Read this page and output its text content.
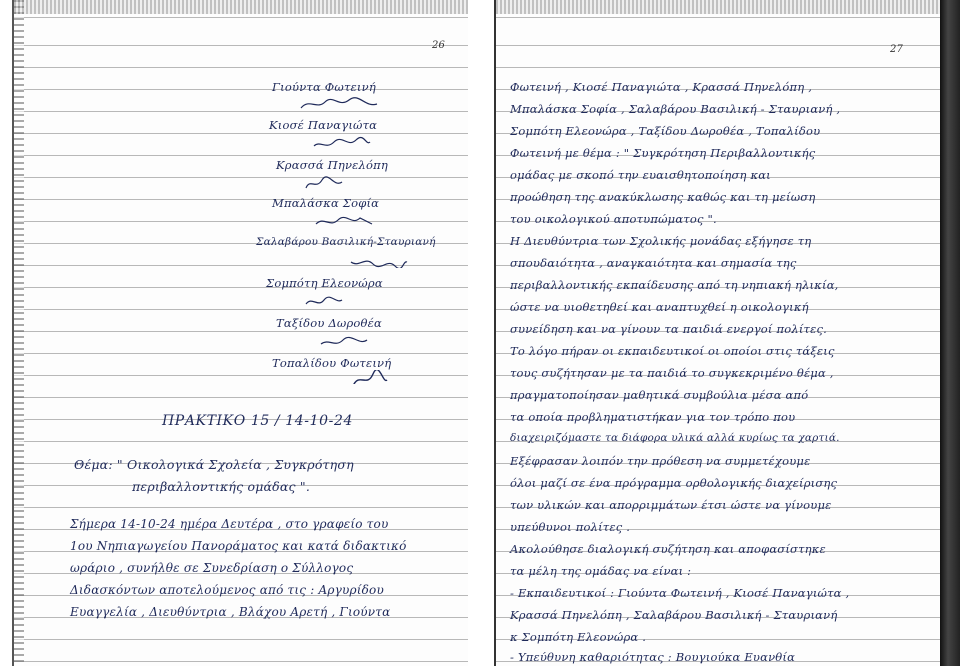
26
Γιούντα Φωτεινή
Κιοσέ Παναγιώτα
Κρασσά Πηνελόπη
Μπαλάσκα Σοφία
Σαλαβάρου Βασιλική-Σταυριανή
Σομπότη Ελεονώρα
Ταξίδου Δωροθέα
Τοπαλίδου Φωτεινή
ΠΡΑΚΤΙΚΟ 15 / 14-10-24
Θέμα: " Οικολογικά Σχολεία , Συγκρότηση
περιβαλλοντικής ομάδας ".
Σήμερα 14-10-24 ημέρα Δευτέρα , στο γραφείο του
1ου Νηπιαγωγείου Πανοράματος και κατά διδακτικό
ωράριο , συνήλθε σε Συνεδρίαση ο Σύλλογος
Διδασκόντων αποτελούμενος από τις : Αργυρίδου
Ευαγγελία , Διευθύντρια , Βλάχου Αρετή , Γιούντα
27
Φωτεινή , Κιοσέ Παναγιώτα , Κρασσά Πηνελόπη ,
Μπαλάσκα Σοφία , Σαλαβάρου Βασιλική - Σταυριανή ,
Σομπότη Ελεονώρα , Ταξίδου Δωροθέα , Τοπαλίδου
Φωτεινή με θέμα : " Συγκρότηση Περιβαλλοντικής
ομάδας με σκοπό την ευαισθητοποίηση και
προώθηση της ανακύκλωσης καθώς και τη μείωση
του οικολογικού αποτυπώματος ".
Η Διευθύντρια των Σχολικής μονάδας εξήγησε τη
σπουδαιότητα , αναγκαιότητα και σημασία της
περιβαλλοντικής εκπαίδευσης από τη νηπιακή ηλικία,
ώστε να υιοθετηθεί και αναπτυχθεί η οικολογική
συνείδηση και να γίνουν τα παιδιά ενεργοί πολίτες.
Το λόγο πήραν οι εκπαιδευτικοί οι οποίοι στις τάξεις
τους συζήτησαν με τα παιδιά το συγκεκριμένο θέμα ,
πραγματοποίησαν μαθητικά συμβούλια μέσα από
τα οποία προβληματιστήκαν για τον τρόπο που
διαχειριζόμαστε τα διάφορα υλικά αλλά κυρίως τα χαρτιά.
Εξέφρασαν λοιπόν την πρόθεση να συμμετέχουμε
όλοι μαζί σε ένα πρόγραμμα ορθολογικής διαχείρισης
των υλικών και απορριμμάτων έτσι ώστε να γίνουμε
υπεύθυνοι πολίτες .
Ακολούθησε διαλογική συζήτηση και αποφασίστηκε
τα μέλη της ομάδας να είναι :
- Εκπαιδευτικοί : Γιούντα Φωτεινή , Κιοσέ Παναγιώτα ,
Κρασσά Πηνελόπη , Σαλαβάρου Βασιλική - Σταυριανή
κ Σομπότη Ελεονώρα .
- Υπεύθυνη καθαριότητας : Βουγιούκα Ευανθία
